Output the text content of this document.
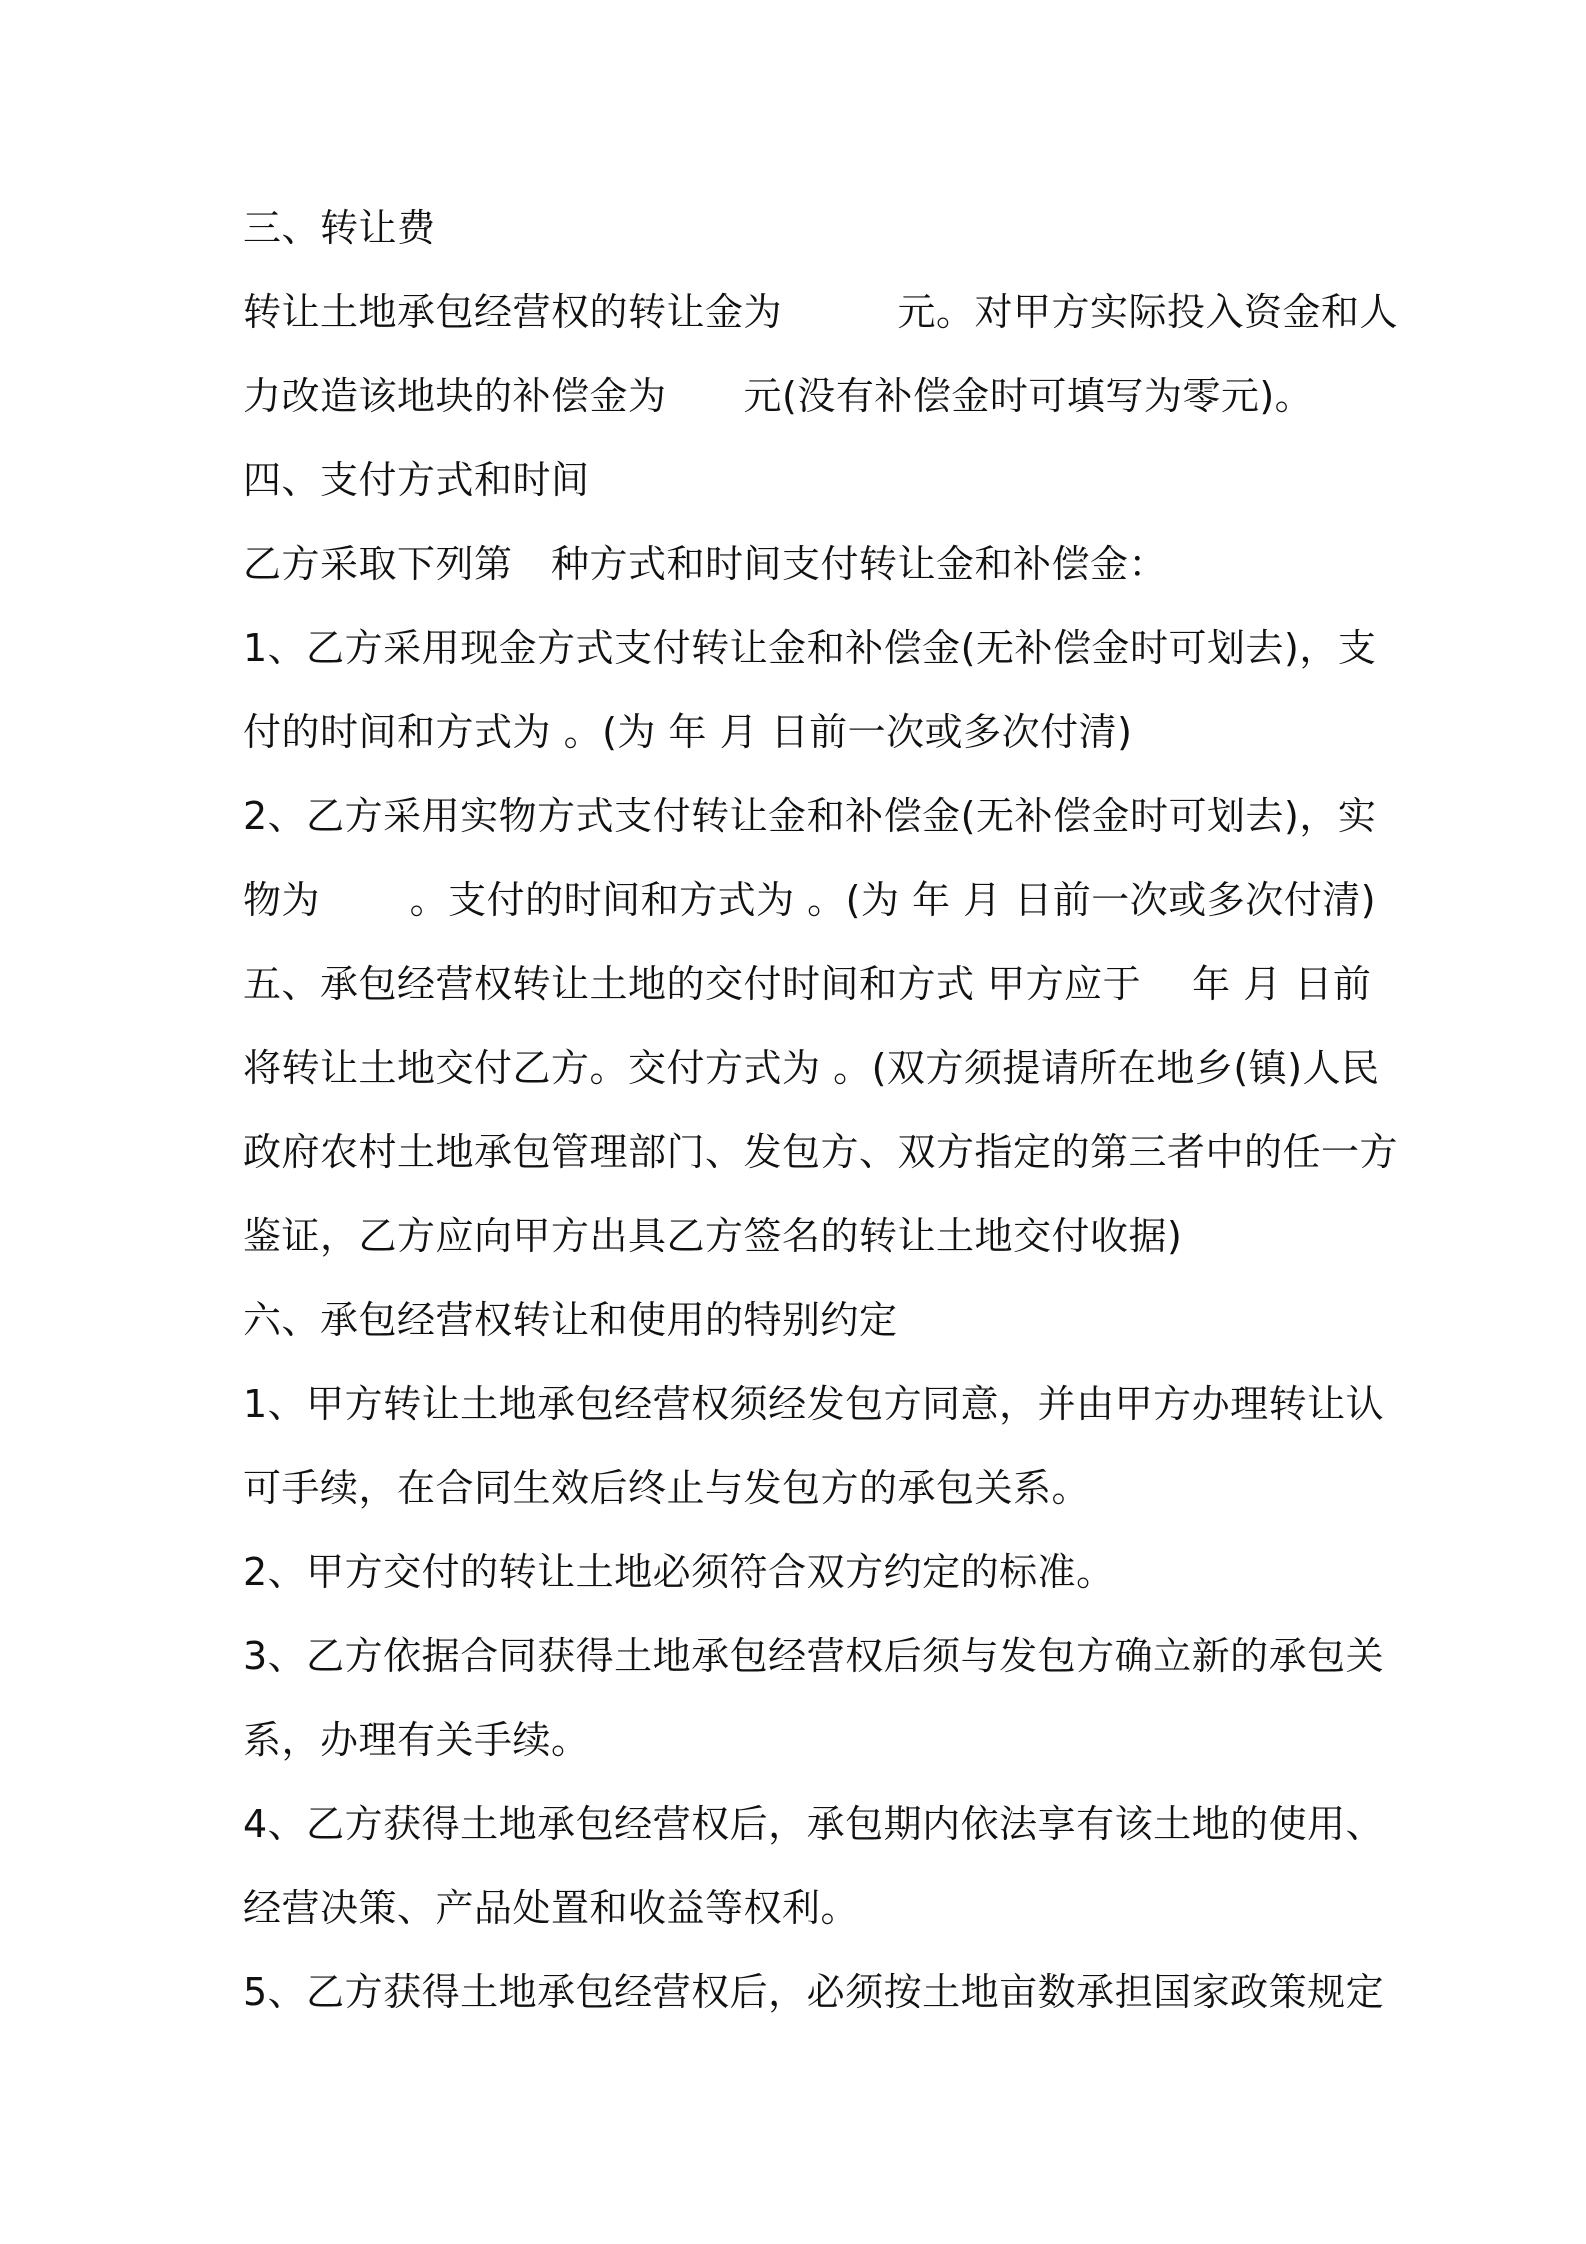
三、转让费

转让土地承包经营权的转让金为　　　元。对甲方实际投入资金和人

力改造该地块的补偿金为　　元(没有补偿金时可填写为零元)。

四、支付方式和时间

乙方采取下列第　种方式和时间支付转让金和补偿金：

1、乙方采用现金方式支付转让金和补偿金(无补偿金时可划去)，支

付的时间和方式为 。(为 年 月 日前一次或多次付清)

2、乙方采用实物方式支付转让金和补偿金(无补偿金时可划去)，实

物为　　 。支付的时间和方式为 。(为 年 月 日前一次或多次付清)

五、承包经营权转让土地的交付时间和方式 甲方应于　 年 月 日前

将转让土地交付乙方。交付方式为 。(双方须提请所在地乡(镇)人民

政府农村土地承包管理部门、发包方、双方指定的第三者中的任一方

鉴证，乙方应向甲方出具乙方签名的转让土地交付收据)

六、承包经营权转让和使用的特别约定

1、甲方转让土地承包经营权须经发包方同意，并由甲方办理转让认

可手续，在合同生效后终止与发包方的承包关系。

2、甲方交付的转让土地必须符合双方约定的标准。

3、乙方依据合同获得土地承包经营权后须与发包方确立新的承包关

系，办理有关手续。

4、乙方获得土地承包经营权后，承包期内依法享有该土地的使用、

经营决策、产品处置和收益等权利。

5、乙方获得土地承包经营权后，必须按土地亩数承担国家政策规定
